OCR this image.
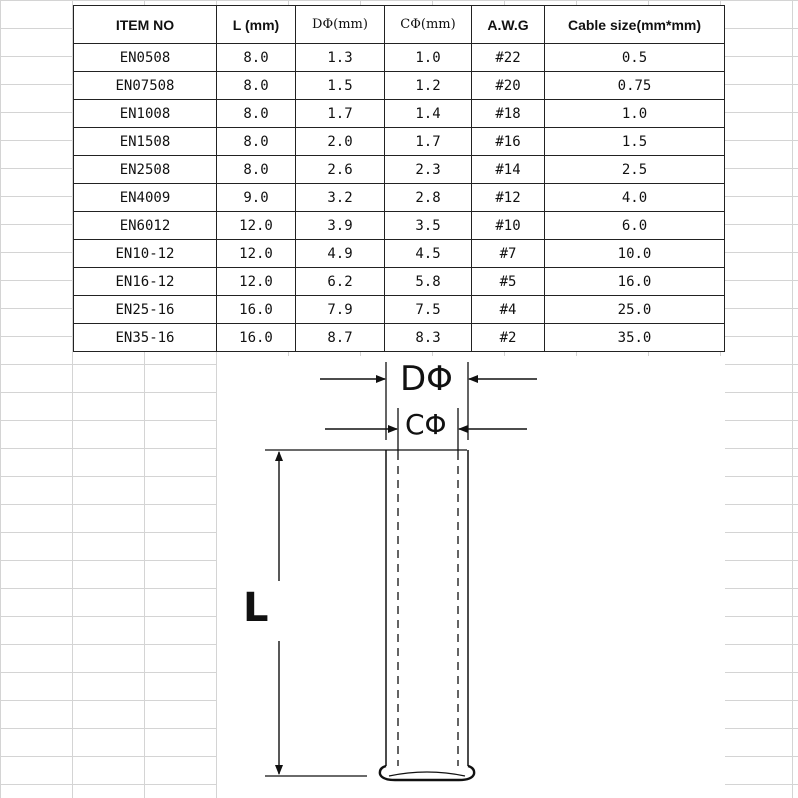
ITEM NO	L (mm)	DΦ(mm)	CΦ(mm)	A.W.G	Cable size(mm*mm)
EN0508	8.0	1.3	1.0	#22	0.5
EN07508	8.0	1.5	1.2	#20	0.75
EN1008	8.0	1.7	1.4	#18	1.0
EN1508	8.0	2.0	1.7	#16	1.5
EN2508	8.0	2.6	2.3	#14	2.5
EN4009	9.0	3.2	2.8	#12	4.0
EN6012	12.0	3.9	3.5	#10	6.0
EN10-12	12.0	4.9	4.5	#7	10.0
EN16-12	12.0	6.2	5.8	#5	16.0
EN25-16	16.0	7.9	7.5	#4	25.0
EN35-16	16.0	8.7	8.3	#2	35.0
DΦ
CΦ
L
